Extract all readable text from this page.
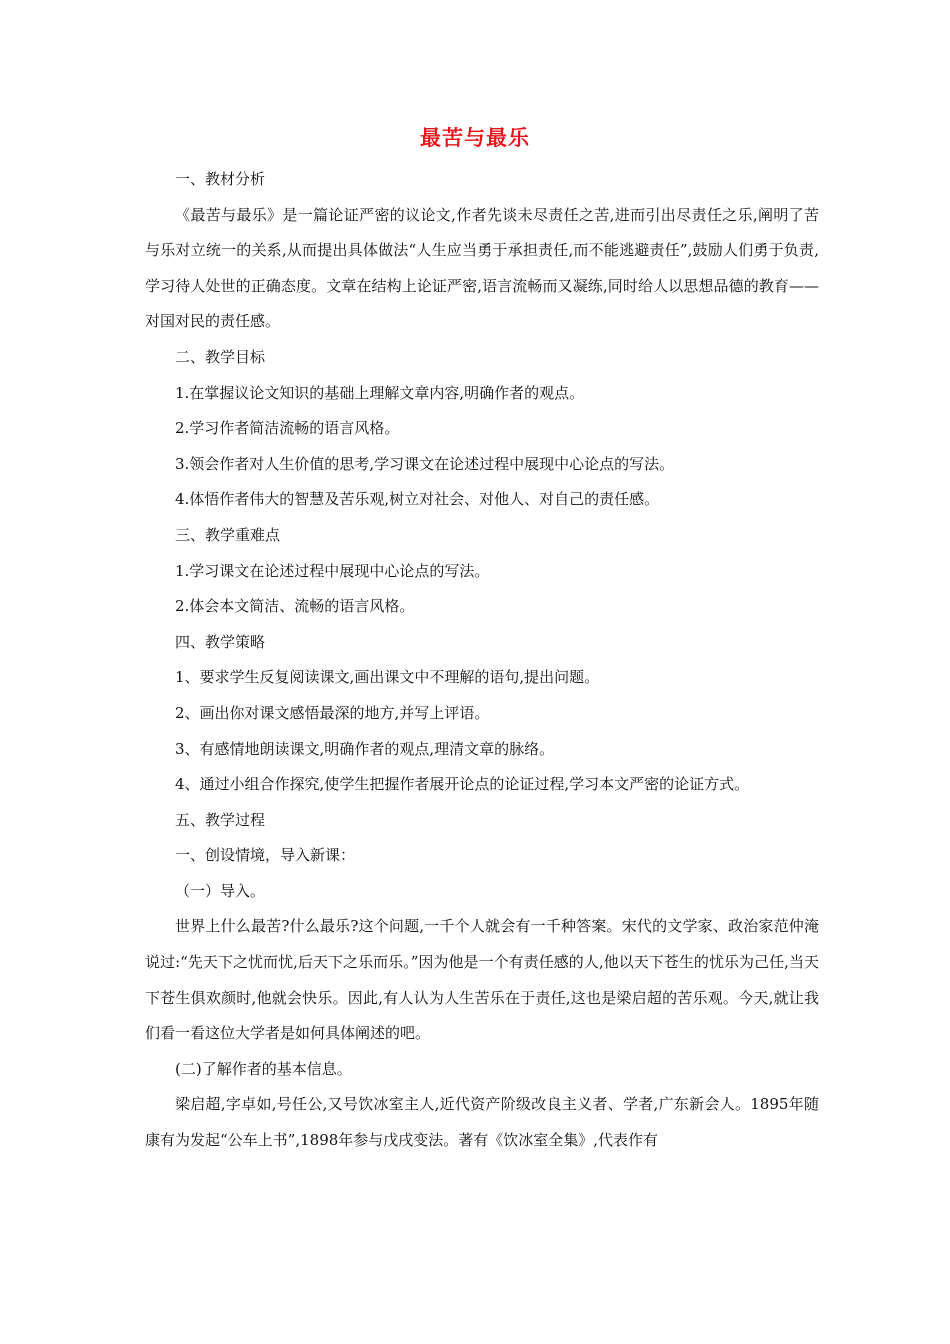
最苦与最乐

一、教材分析

《最苦与最乐》是一篇论证严密的议论文,作者先谈未尽责任之苦,进而引出尽责任之乐,阐明了苦与乐对立统一的关系,从而提出具体做法“人生应当勇于承担责任,而不能逃避责任”,鼓励人们勇于负责,学习待人处世的正确态度。文章在结构上论证严密,语言流畅而又凝练,同时给人以思想品德的教育——对国对民的责任感。

二、教学目标

1.在掌握议论文知识的基础上理解文章内容,明确作者的观点。

2.学习作者简洁流畅的语言风格。

3.领会作者对人生价值的思考,学习课文在论述过程中展现中心论点的写法。

4.体悟作者伟大的智慧及苦乐观,树立对社会、对他人、对自己的责任感。

三、教学重难点

1.学习课文在论述过程中展现中心论点的写法。

2.体会本文简洁、流畅的语言风格。

四、教学策略

1、要求学生反复阅读课文,画出课文中不理解的语句,提出问题。

2、画出你对课文感悟最深的地方,并写上评语。

3、有感情地朗读课文,明确作者的观点,理清文章的脉络。

4、通过小组合作探究,使学生把握作者展开论点的论证过程,学习本文严密的论证方式。

五、教学过程

一、创设情境，导入新课：

（一）导入。

世界上什么最苦?什么最乐?这个问题,一千个人就会有一千种答案。宋代的文学家、政治家范仲淹说过:“先天下之忧而忧,后天下之乐而乐。”因为他是一个有责任感的人,他以天下苍生的忧乐为己任,当天下苍生俱欢颜时,他就会快乐。因此,有人认为人生苦乐在于责任,这也是梁启超的苦乐观。今天,就让我们看一看这位大学者是如何具体阐述的吧。

(二)了解作者的基本信息。

梁启超,字卓如,号任公,又号饮冰室主人,近代资产阶级改良主义者、学者,广东新会人。1895年随康有为发起“公车上书”,1898年参与戊戌变法。著有《饮冰室全集》,代表作有
